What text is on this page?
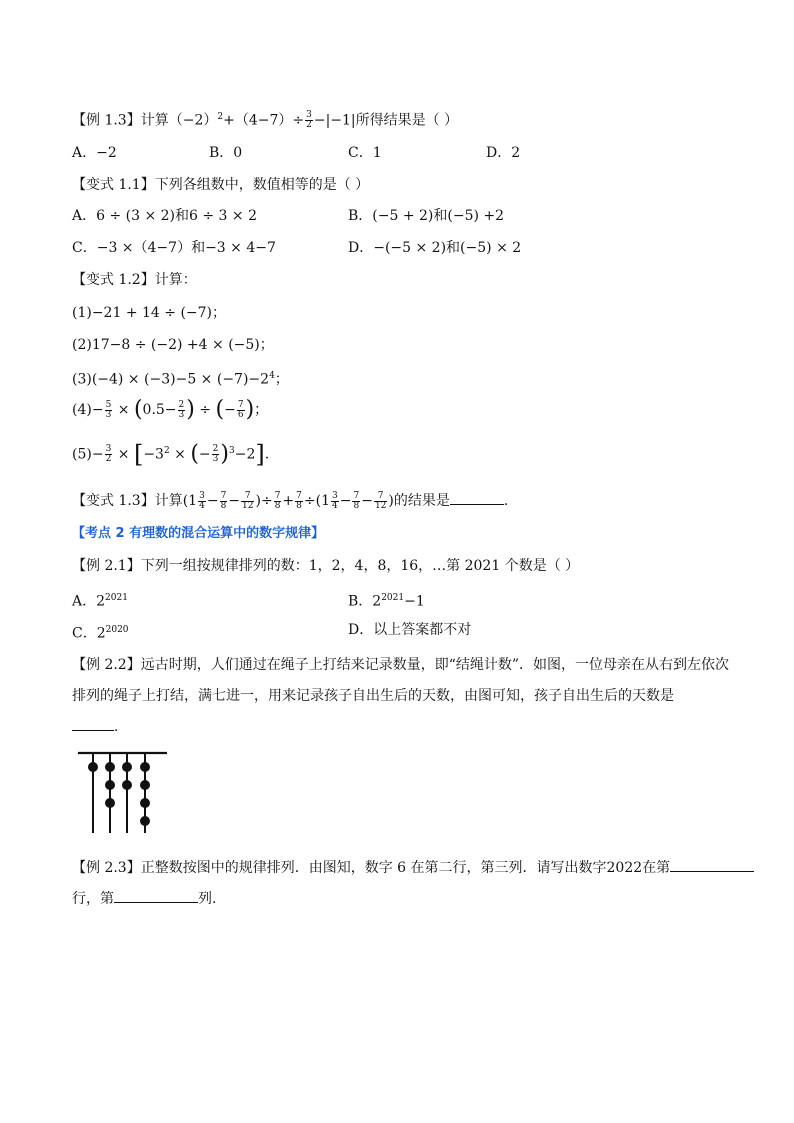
【例 1.3】计算$(-2)^2+(4-7)\div \frac{3}{2} -|-1|$所得结果是（ ）
A．−2	B．0	C．1	D．2
【变式 1.1】下列各组数中，数值相等的是（ ）
A．6 ÷ (3 × 2)和6 ÷ 3 × 2	B．(−5 + 2)和(−5) +2
C．−3 ×（4−7）和−3 × 4−7	D．−(−5 × 2)和(−5) × 2
【变式 1.2】计算：
(1)−21 + 14 ÷ (−7)；
(2)17−8 ÷ (−2) +4 × (−5)；
$(3)(-4) \times (-3)-5 \times (-7)-2^4$；
$(4)- \frac{5}{3} \times (0.5- \frac{2}{3}$ ) ÷ (− $\frac{7}{6}$ )；
$(5)- \frac{3}{2} \times [-3^2$ × (− $\frac{2}{3} )^3-2$].
【变式 1.3】计算($1 \frac{3}{4} - \frac{7}{8} - \frac{7}{12}$ )÷ $\frac{7}{8} + \frac{7}{8} \div(1 \frac{3}{4} - \frac{7}{8} - \frac{7}{12}$ )的结果是	.
【考点 2 有理数的混合运算中的数字规律】
【例 2.1】下列一组按规律排列的数：1，2，4，8，16，…第 2021 个数是（ ）
A．$2^{2021}$	B．$2^{2021}-1$
C．$2^{2020}$	D．以上答案都不对
【例 2.2】远古时期，人们通过在绳子上打结来记录数量，即“结绳计数”．如图，一位母亲在从右到左依次
排列的绳子上打结，满七进一，用来记录孩子自出生后的天数，由图可知，孩子自出生后的天数是
.
【例 2.3】正整数按图中的规律排列．由图知，数字 6 在第二行，第三列．请写出数字2022在第
行，第	列.
